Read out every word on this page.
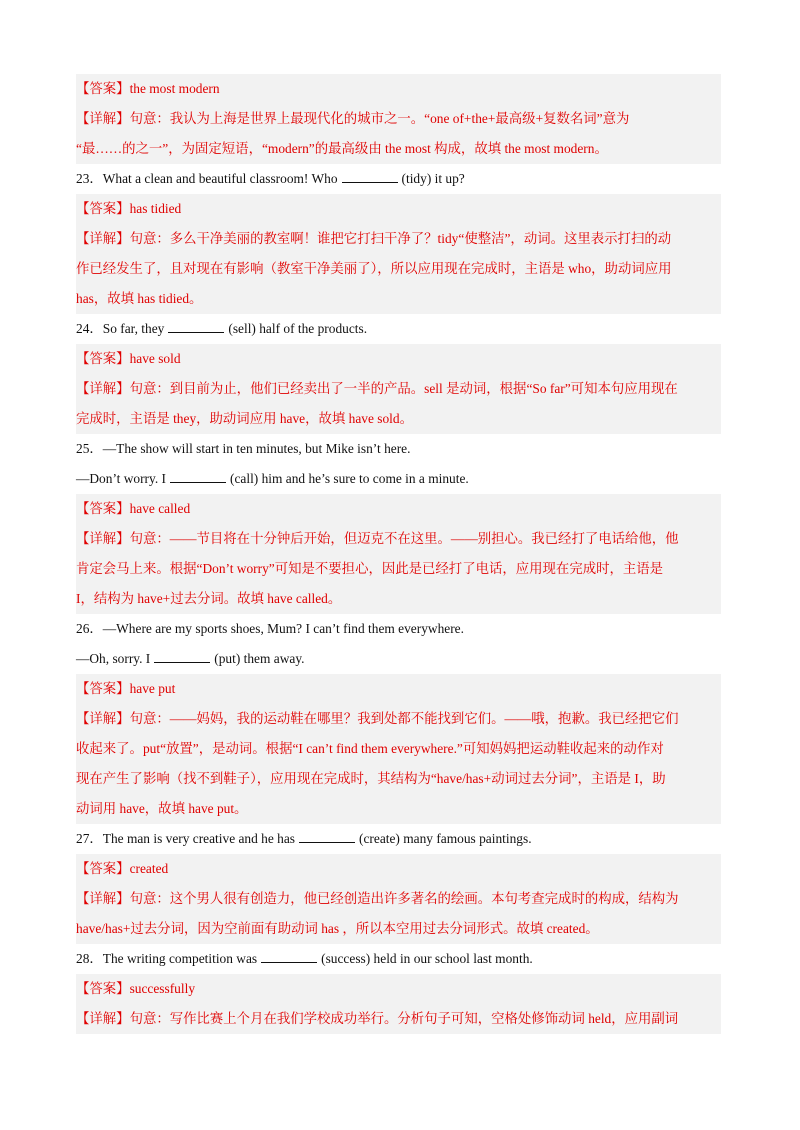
【答案】the most modern

【详解】句意：我认为上海是世界上最现代化的城市之一。“one of+the+最高级+复数名词”意为

“最……的之一”，为固定短语，“modern”的最高级由 the most 构成，故填 the most modern。

23．What a clean and beautiful classroom! Who	(tidy) it up?

【答案】has tidied

【详解】句意：多么干净美丽的教室啊！谁把它打扫干净了？tidy“使整洁”，动词。这里表示打扫的动

作已经发生了，且对现在有影响（教室干净美丽了），所以应用现在完成时，主语是 who，助动词应用

has，故填 has tidied。

24．So far, they	(sell) half of the products.

【答案】have sold

【详解】句意：到目前为止，他们已经卖出了一半的产品。sell 是动词，根据“So far”可知本句应用现在

完成时，主语是 they，助动词应用 have，故填 have sold。

25．—The show will start in ten minutes, but Mike isn’t here.

—Don’t worry. I	(call) him and he’s sure to come in a minute.

【答案】have called

【详解】句意：——节目将在十分钟后开始，但迈克不在这里。——别担心。我已经打了电话给他，他

肯定会马上来。根据“Don’t worry”可知是不要担心，因此是已经打了电话，应用现在完成时，主语是

I，结构为 have+过去分词。故填 have called。

26．—Where are my sports shoes, Mum? I can’t find them everywhere.

—Oh, sorry. I	(put) them away.

【答案】have put

【详解】句意：——妈妈，我的运动鞋在哪里？我到处都不能找到它们。——哦，抱歉。我已经把它们

收起来了。put“放置”，是动词。根据“I can’t find them everywhere.”可知妈妈把运动鞋收起来的动作对

现在产生了影响（找不到鞋子），应用现在完成时，其结构为“have/has+动词过去分词”，主语是 I，助

动词用 have，故填 have put。

27．The man is very creative and he has	(create) many famous paintings.

【答案】created

【详解】句意：这个男人很有创造力，他已经创造出许多著名的绘画。本句考查完成时的构成，结构为

have/has+过去分词，因为空前面有助动词 has ，所以本空用过去分词形式。故填 created。

28．The writing competition was	(success) held in our school last month.

【答案】successfully

【详解】句意：写作比赛上个月在我们学校成功举行。分析句子可知，空格处修饰动词 held，应用副词
